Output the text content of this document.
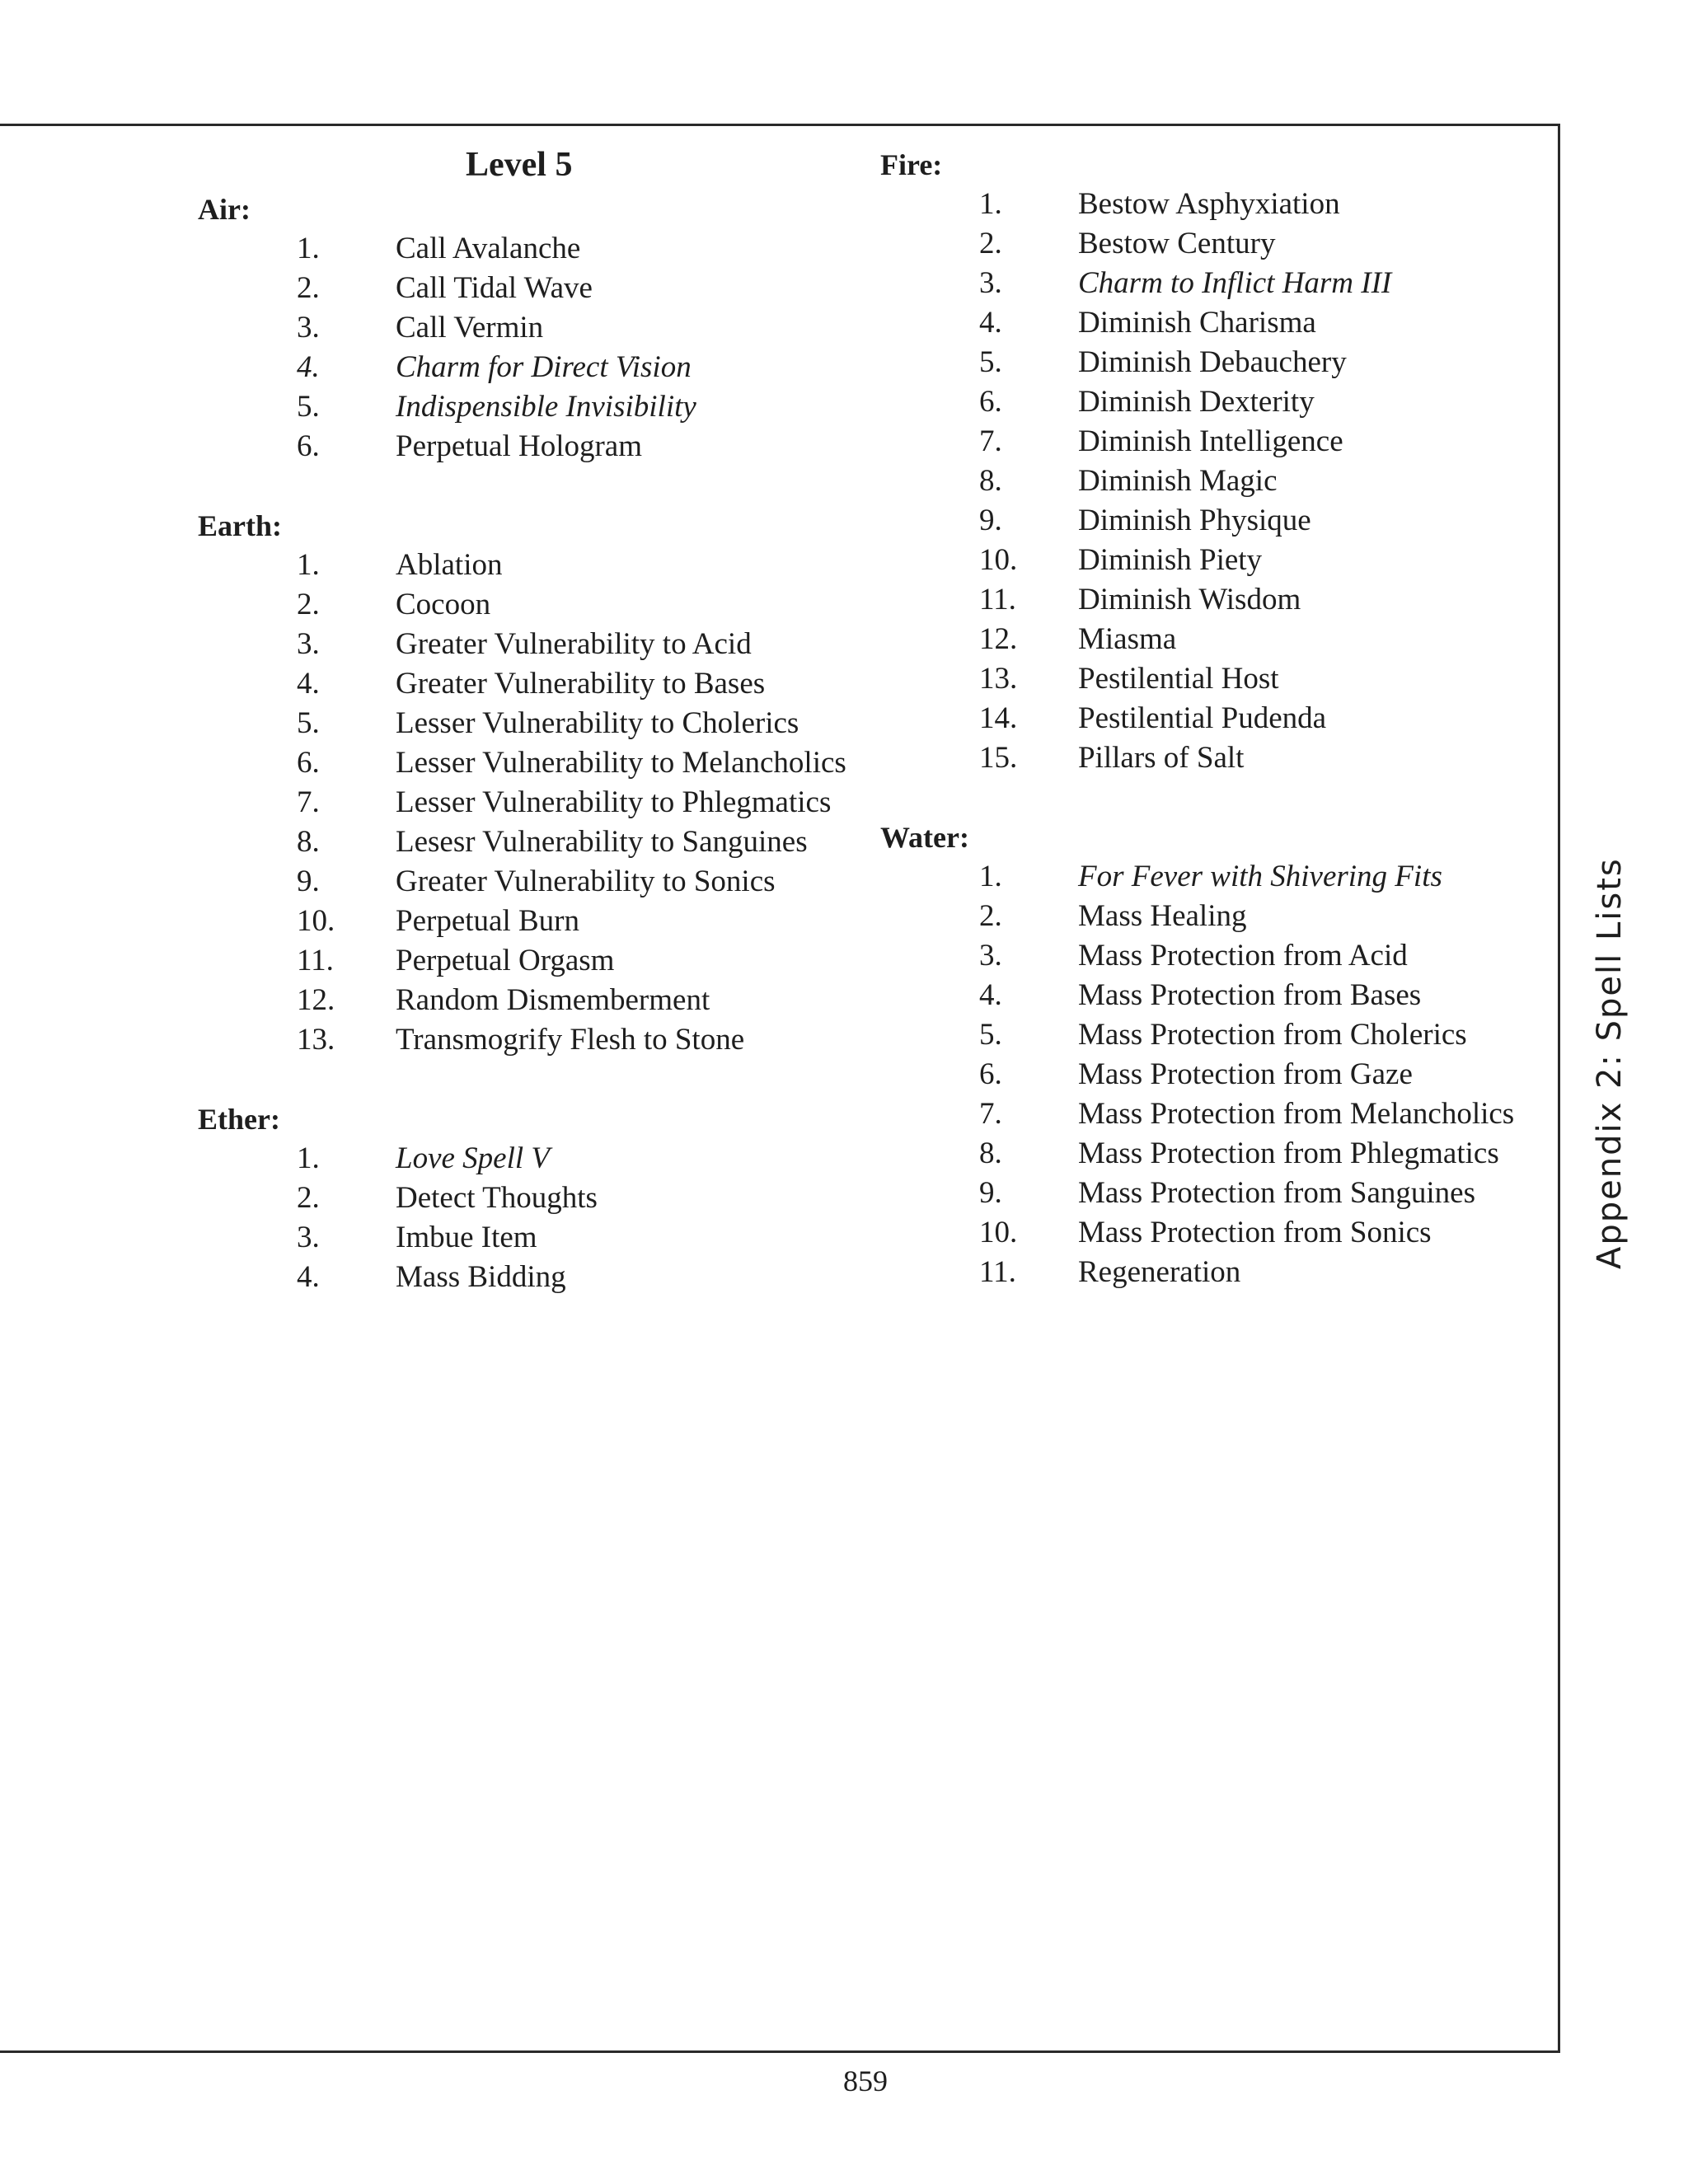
Level 5
Air:
1. Call Avalanche
2. Call Tidal Wave
3. Call Vermin
4. Charm for Direct Vision
5. Indispensible Invisibility
6. Perpetual Hologram
Earth:
1. Ablation
2. Cocoon
3. Greater Vulnerability to Acid
4. Greater Vulnerability to Bases
5. Lesser Vulnerability to Cholerics
6. Lesser Vulnerability to Melancholics
7. Lesser Vulnerability to Phlegmatics
8. Lesesr Vulnerability to Sanguines
9. Greater Vulnerability to Sonics
10. Perpetual Burn
11. Perpetual Orgasm
12. Random Dismemberment
13. Transmogrify Flesh to Stone
Ether:
1. Love Spell V
2. Detect Thoughts
3. Imbue Item
4. Mass Bidding
Fire:
1. Bestow Asphyxiation
2. Bestow Century
3. Charm to Inflict Harm III
4. Diminish Charisma
5. Diminish Debauchery
6. Diminish Dexterity
7. Diminish Intelligence
8. Diminish Magic
9. Diminish Physique
10. Diminish Piety
11. Diminish Wisdom
12. Miasma
13. Pestilential Host
14. Pestilential Pudenda
15. Pillars of Salt
Water:
1. For Fever with Shivering Fits
2. Mass Healing
3. Mass Protection from Acid
4. Mass Protection from Bases
5. Mass Protection from Cholerics
6. Mass Protection from Gaze
7. Mass Protection from Melancholics
8. Mass Protection from Phlegmatics
9. Mass Protection from Sanguines
10. Mass Protection from Sonics
11. Regeneration
Appendix 2: Spell Lists
859
